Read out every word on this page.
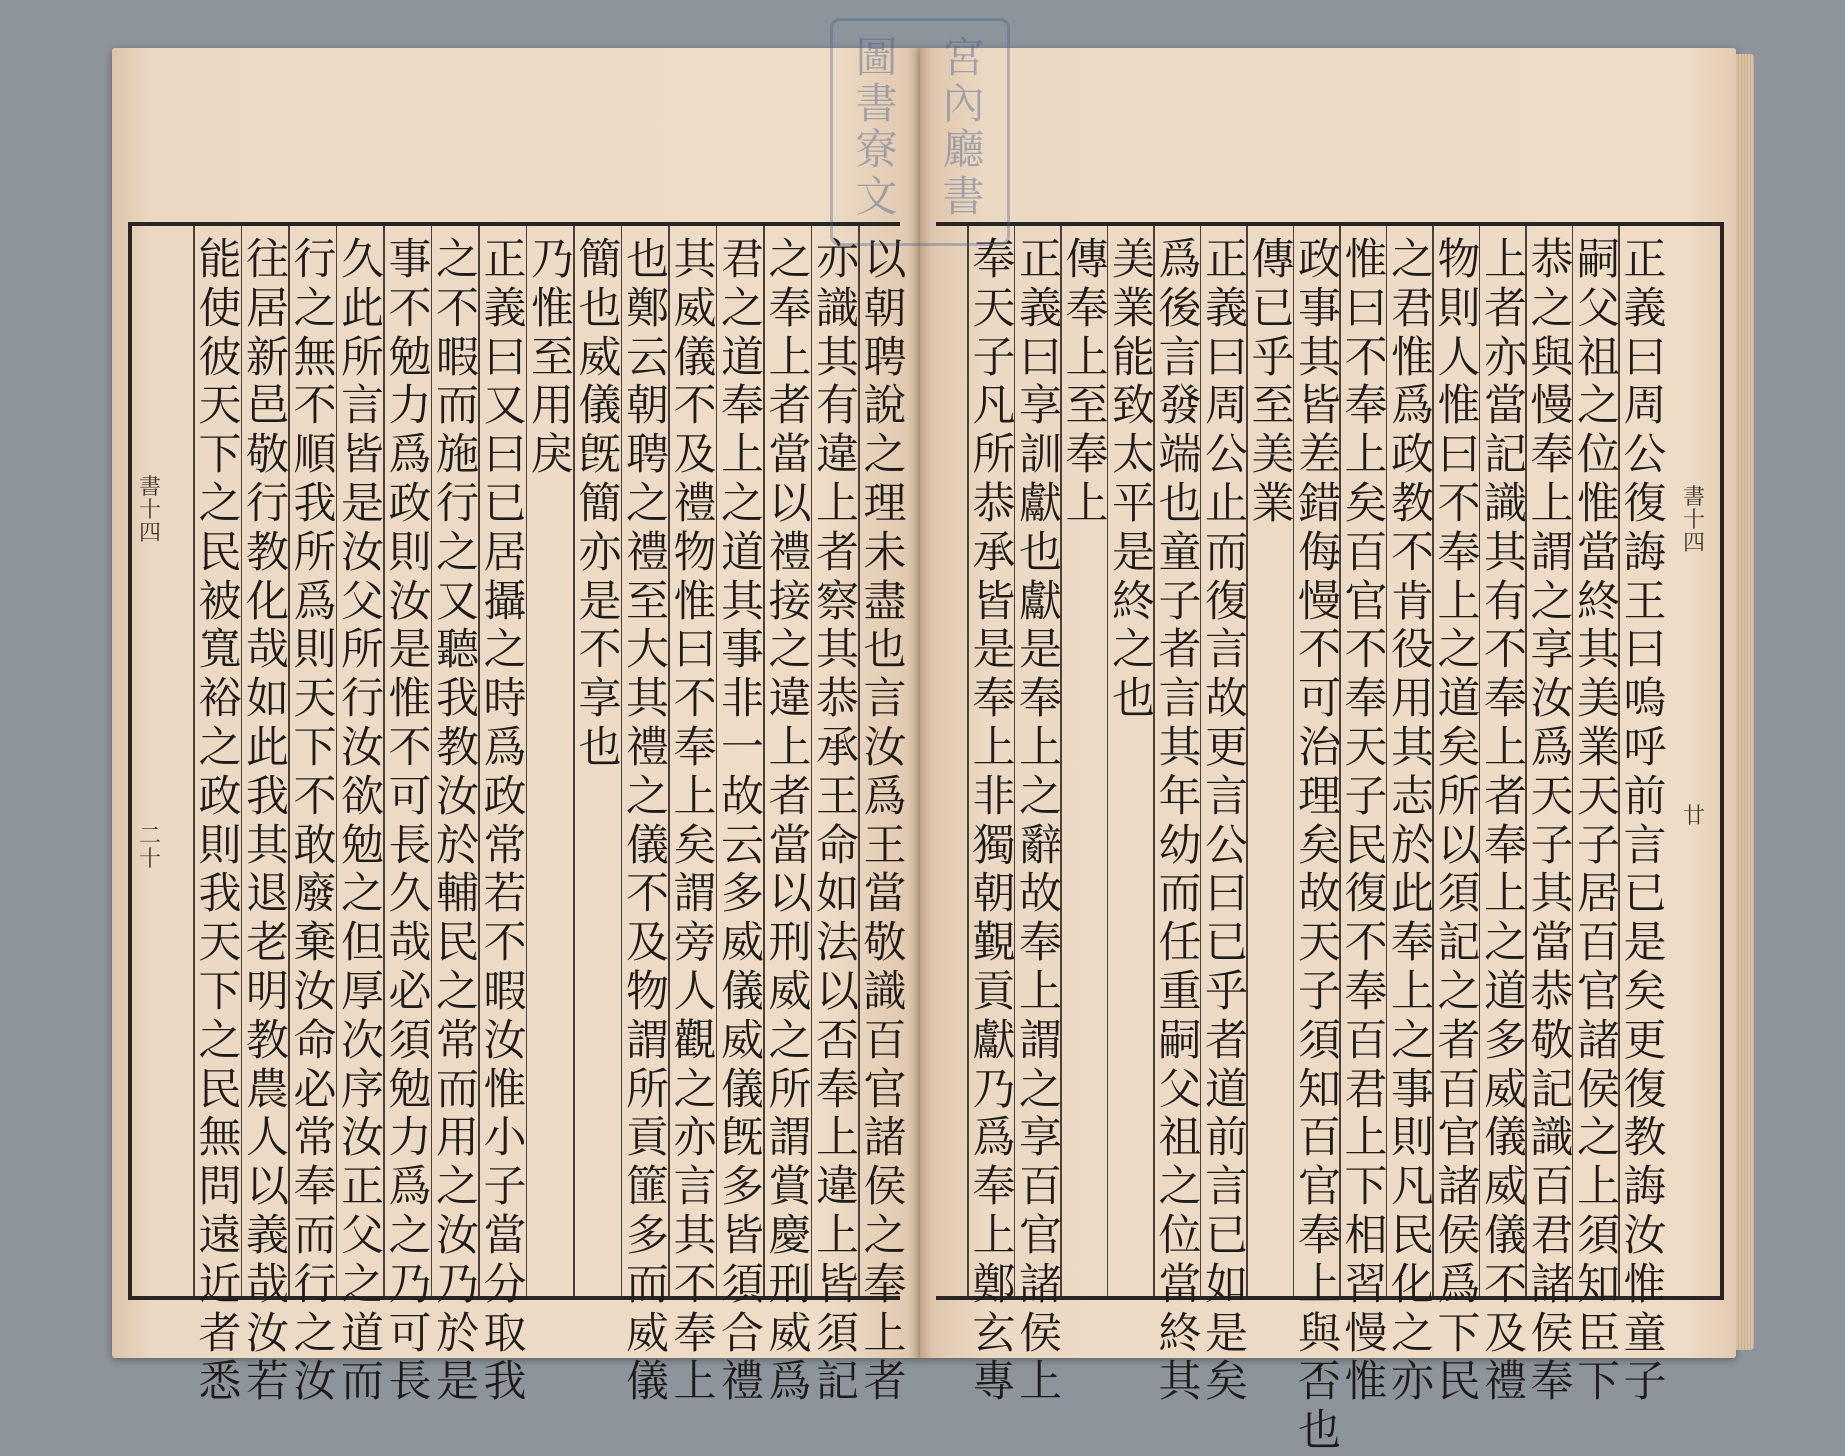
書十四
廿
書十四
二十
正
義
曰
周
公
復
誨
王
曰
嗚
呼
前
言
已
是
矣
更
復
教
誨
汝
惟
童
子
嗣
父
祖
之
位
惟
當
終
其
美
業
天
子
居
百
官
諸
侯
之
上
須
知
臣
下
恭
之
與
慢
奉
上
謂
之
享
汝
爲
天
子
其
當
恭
敬
記
識
百
君
諸
侯
奉
上
者
亦
當
記
識
其
有
不
奉
上
者
奉
上
之
道
多
威
儀
威
儀
不
及
禮
物
則
人
惟
曰
不
奉
上
之
道
矣
所
以
須
記
之
者
百
官
諸
侯
爲
下
民
之
君
惟
爲
政
教
不
肯
役
用
其
志
於
此
奉
上
之
事
則
凡
民
化
之
亦
惟
曰
不
奉
上
矣
百
官
不
奉
天
子
民
復
不
奉
百
君
上
下
相
習
慢
惟
政
事
其
皆
差
錯
侮
慢
不
可
治
理
矣
故
天
子
須
知
百
官
奉
上
與
否
也
傳
已
乎
至
美
業
正
義
曰
周
公
止
而
復
言
故
更
言
公
曰
已
乎
者
道
前
言
已
如
是
矣
爲
後
言
發
端
也
童
子
者
言
其
年
幼
而
任
重
嗣
父
祖
之
位
當
終
其
美
業
能
致
太
平
是
終
之
也
傳
奉
上
至
奉
上
正
義
曰
享
訓
獻
也
獻
是
奉
上
之
辭
故
奉
上
謂
之
享
百
官
諸
侯
上
奉
天
子
凡
所
恭
承
皆
是
奉
上
非
獨
朝
覲
貢
獻
乃
爲
奉
上
鄭
玄
專
以
朝
聘
說
之
理
未
盡
也
言
汝
爲
王
當
敬
識
百
官
諸
侯
之
奉
上
者
亦
識
其
有
違
上
者
察
其
恭
承
王
命
如
法
以
否
奉
上
違
上
皆
須
記
之
奉
上
者
當
以
禮
接
之
違
上
者
當
以
刑
威
之
所
謂
賞
慶
刑
威
爲
君
之
道
奉
上
之
道
其
事
非
一
故
云
多
威
儀
威
儀
旣
多
皆
須
合
禮
其
威
儀
不
及
禮
物
惟
曰
不
奉
上
矣
謂
旁
人
觀
之
亦
言
其
不
奉
上
也
鄭
云
朝
聘
之
禮
至
大
其
禮
之
儀
不
及
物
謂
所
貢
篚
多
而
威
儀
簡
也
威
儀
旣
簡
亦
是
不
享
也
乃
惟
至
用
戾
正
義
曰
又
曰
已
居
攝
之
時
爲
政
常
若
不
暇
汝
惟
小
子
當
分
取
我
之
不
暇
而
施
行
之
又
聽
我
教
汝
於
輔
民
之
常
而
用
之
汝
乃
於
是
事
不
勉
力
爲
政
則
汝
是
惟
不
可
長
久
哉
必
須
勉
力
爲
之
乃
可
長
久
此
所
言
皆
是
汝
父
所
行
汝
欲
勉
之
但
厚
次
序
汝
正
父
之
道
而
行
之
無
不
順
我
所
爲
則
天
下
不
敢
廢
棄
汝
命
必
常
奉
而
行
之
汝
往
居
新
邑
敬
行
教
化
哉
如
此
我
其
退
老
明
教
農
人
以
義
哉
汝
若
能
使
彼
天
下
之
民
被
寬
裕
之
政
則
我
天
下
之
民
無
問
遠
近
者
悉
宮
內
廳
書
圖
書
寮
文
